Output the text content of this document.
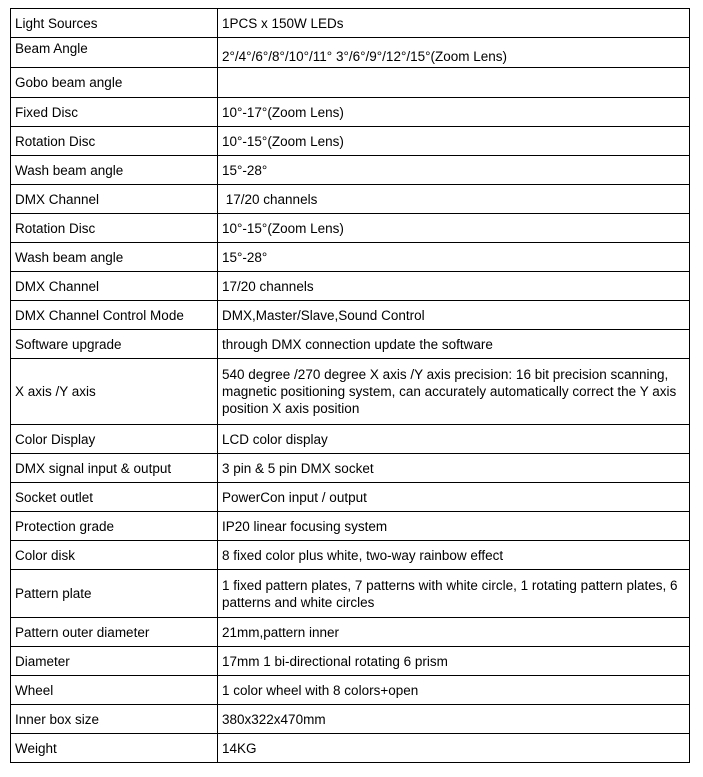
Light Sources	1PCS x 150W LEDs
Beam Angle	2°/4°/6°/8°/10°/11° 3°/6°/9°/12°/15°(Zoom Lens)
Gobo beam angle	
Fixed Disc	10°-17°(Zoom Lens)
Rotation Disc	10°-15°(Zoom Lens)
Wash beam angle	15°-28°
DMX Channel	17/20 channels
Rotation Disc	10°-15°(Zoom Lens)
Wash beam angle	15°-28°
DMX Channel	17/20 channels
DMX Channel Control Mode	DMX,Master/Slave,Sound Control
Software upgrade	through DMX connection update the software
X axis /Y axis	540 degree /270 degree X axis /Y axis precision: 16 bit precision scanning, magnetic positioning system, can accurately automatically correct the Y axis position X axis position
Color Display	LCD color display
DMX signal input & output	3 pin & 5 pin DMX socket
Socket outlet	PowerCon input / output
Protection grade	IP20 linear focusing system
Color disk	8 fixed color plus white, two-way rainbow effect
Pattern plate	1 fixed pattern plates, 7 patterns with white circle, 1 rotating pattern plates, 6 patterns and white circles
Pattern outer diameter	21mm,pattern inner
Diameter	17mm 1 bi-directional rotating 6 prism
Wheel	1 color wheel with 8 colors+open
Inner box size	380x322x470mm
Weight	14KG
